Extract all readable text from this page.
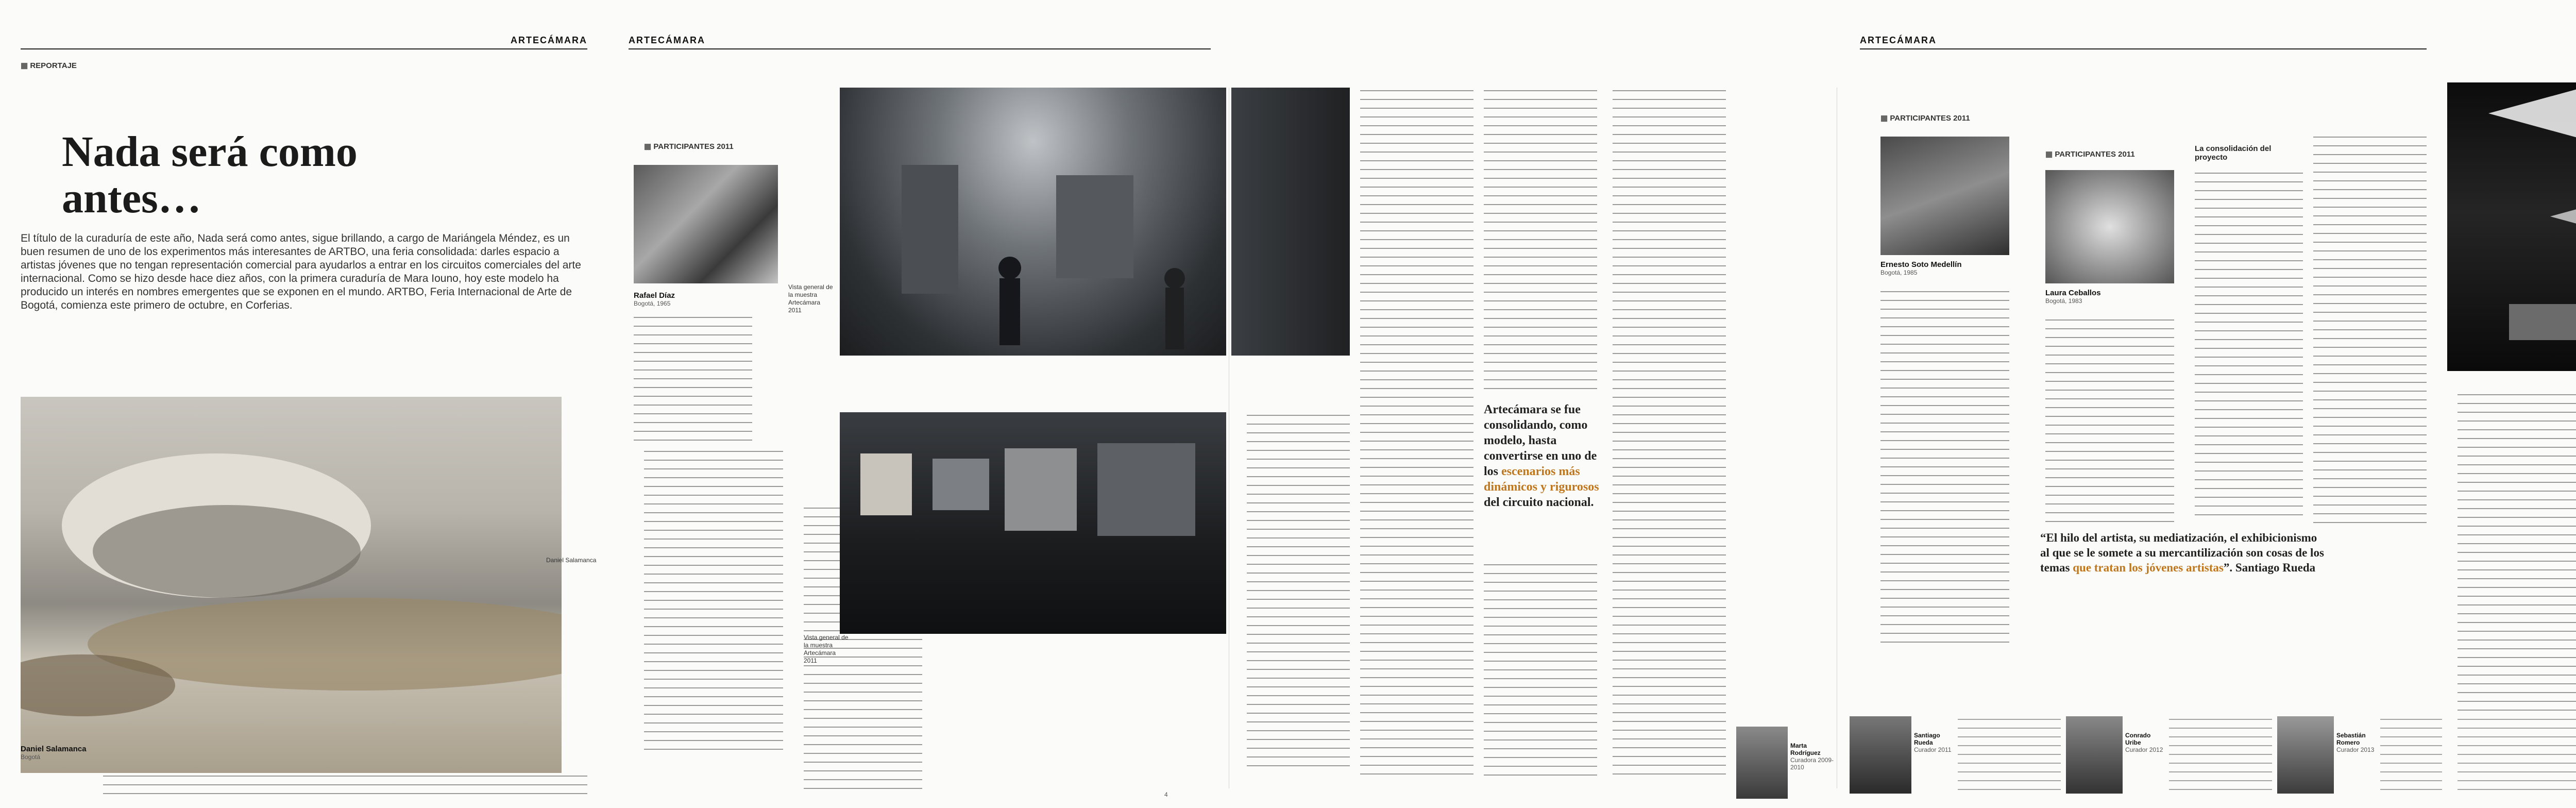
ARTECÁMARA
▦ REPORTAJE
Nada será como antes…
El título de la curaduría de este año, Nada será como antes, sigue brillando, a cargo de Mariángela Méndez, es un buen resumen de uno de los experimentos más interesantes de ARTBO, una feria consolidada: darles espacio a artistas jóvenes que no tengan representación comercial para ayudarlos a entrar en los circuitos comerciales del arte internacional. Como se hizo desde hace diez años, con la primera curaduría de Mara Iouno, hoy este modelo ha producido un interés en nombres emergentes que se exponen en el mundo. ARTBO, Feria Internacional de Arte de Bogotá, comienza este primero de octubre, en Corferias.
Daniel Salamanca
Daniel Salamanca
Bogotá
ARTECÁMARA
▦ PARTICIPANTES 2011
Rafael Díaz
Bogotá, 1965
Vista general de la muestra Artecámara 2011
Vista general de la muestra Artecámara 2011
4
Artecámara se fue consolidando, como modelo, hasta convertirse en uno de los escenarios más dinámicos y rigurosos del circuito nacional.
Marta Rodríguez
Curadora 2009-2010
ARTECÁMARA
▦ PARTICIPANTES 2011
Ernesto Soto Medellín
Bogotá, 1985
▦ PARTICIPANTES 2011
Laura Ceballos
Bogotá, 1983
“El hilo del artista, su mediatización, el exhibicionismo al que se le somete a su mercantilización son cosas de los temas que tratan los jóvenes artistas”. Santiago Rueda
La consolidación del proyecto
Santiago Rueda
Curador 2011
Conrado Uribe
Curador 2012
Sebastián Romero
Curador 2013
